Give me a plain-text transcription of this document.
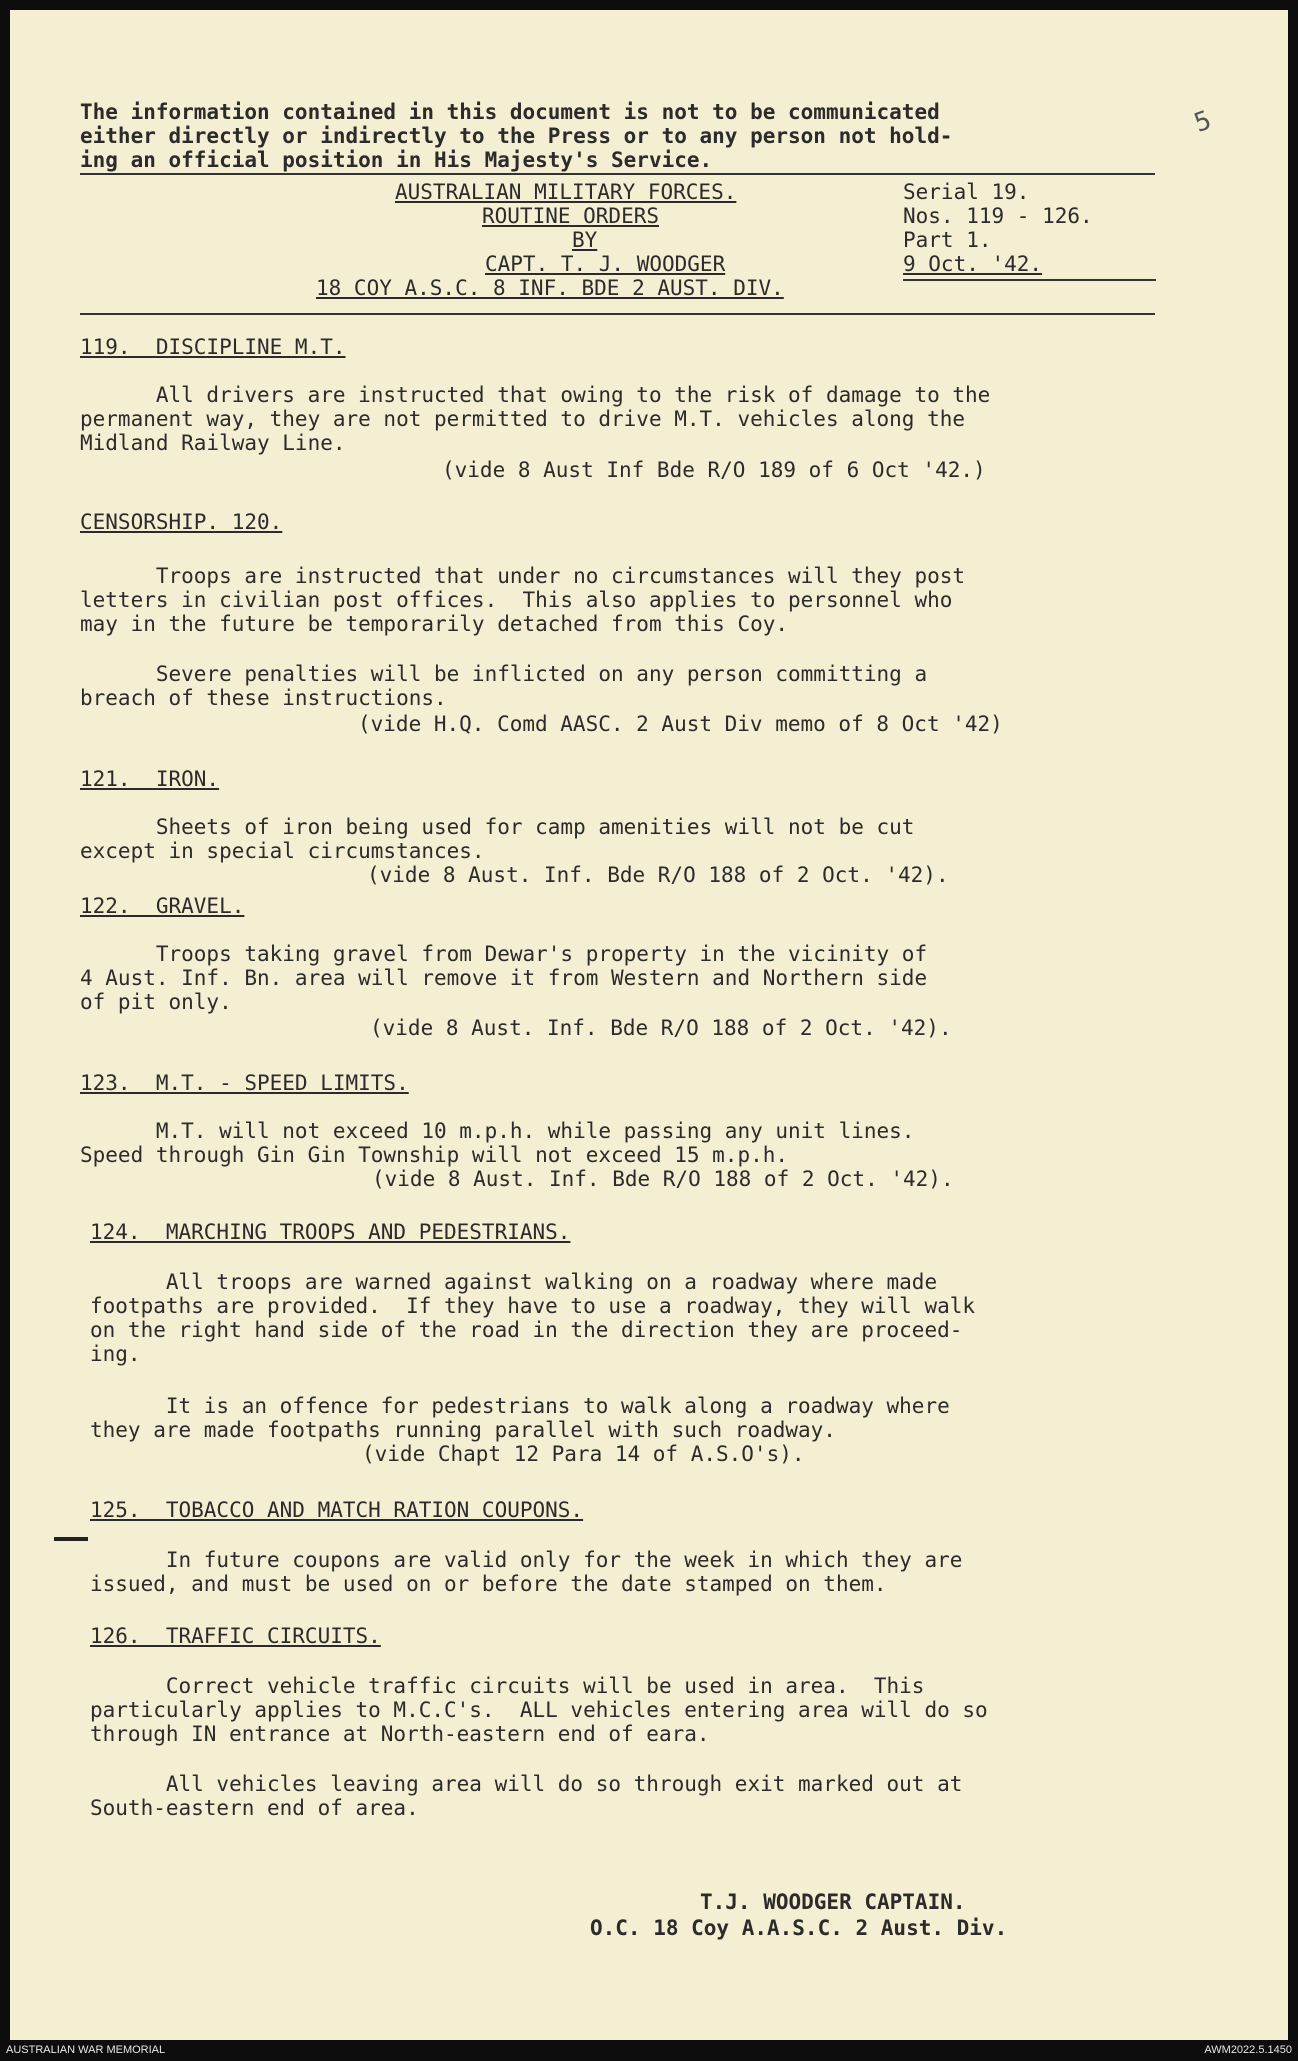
The information contained in this document is not to be communicated

either directly or indirectly to the Press or to any person not hold-

ing an official position in His Majesty's Service.

5

AUSTRALIAN MILITARY FORCES.

ROUTINE ORDERS

BY

CAPT. T. J. WOODGER

18 COY A.S.C. 8 INF. BDE 2 AUST. DIV.

Serial 19.

Nos. 119 - 126.

Part 1.

9 Oct. '42.

119.  DISCIPLINE M.T.

All drivers are instructed that owing to the risk of damage to the

permanent way, they are not permitted to drive M.T. vehicles along the

Midland Railway Line.

(vide 8 Aust Inf Bde R/O 189 of 6 Oct '42.)

CENSORSHIP. 120.

Troops are instructed that under no circumstances will they post

letters in civilian post offices.  This also applies to personnel who

may in the future be temporarily detached from this Coy.

Severe penalties will be inflicted on any person committing a

breach of these instructions.

(vide H.Q. Comd AASC. 2 Aust Div memo of 8 Oct '42)

121.  IRON.

Sheets of iron being used for camp amenities will not be cut

except in special circumstances.

(vide 8 Aust. Inf. Bde R/O 188 of 2 Oct. '42).

122.  GRAVEL.

Troops taking gravel from Dewar's property in the vicinity of

4 Aust. Inf. Bn. area will remove it from Western and Northern side

of pit only.

(vide 8 Aust. Inf. Bde R/O 188 of 2 Oct. '42).

123.  M.T. - SPEED LIMITS.

M.T. will not exceed 10 m.p.h. while passing any unit lines.

Speed through Gin Gin Township will not exceed 15 m.p.h.

(vide 8 Aust. Inf. Bde R/O 188 of 2 Oct. '42).

124.  MARCHING TROOPS AND PEDESTRIANS.

All troops are warned against walking on a roadway where made

footpaths are provided.  If they have to use a roadway, they will walk

on the right hand side of the road in the direction they are proceed-

ing.

It is an offence for pedestrians to walk along a roadway where

they are made footpaths running parallel with such roadway.

(vide Chapt 12 Para 14 of A.S.O's).

125.  TOBACCO AND MATCH RATION COUPONS.

In future coupons are valid only for the week in which they are

issued, and must be used on or before the date stamped on them.

126.  TRAFFIC CIRCUITS.

Correct vehicle traffic circuits will be used in area.  This

particularly applies to M.C.C's.  ALL vehicles entering area will do so

through IN entrance at North-eastern end of eara.

All vehicles leaving area will do so through exit marked out at

South-eastern end of area.

T.J. WOODGER CAPTAIN.

O.C. 18 Coy A.A.S.C. 2 Aust. Div.

AUSTRALIAN WAR MEMORIAL	AWM2022.5.1450
